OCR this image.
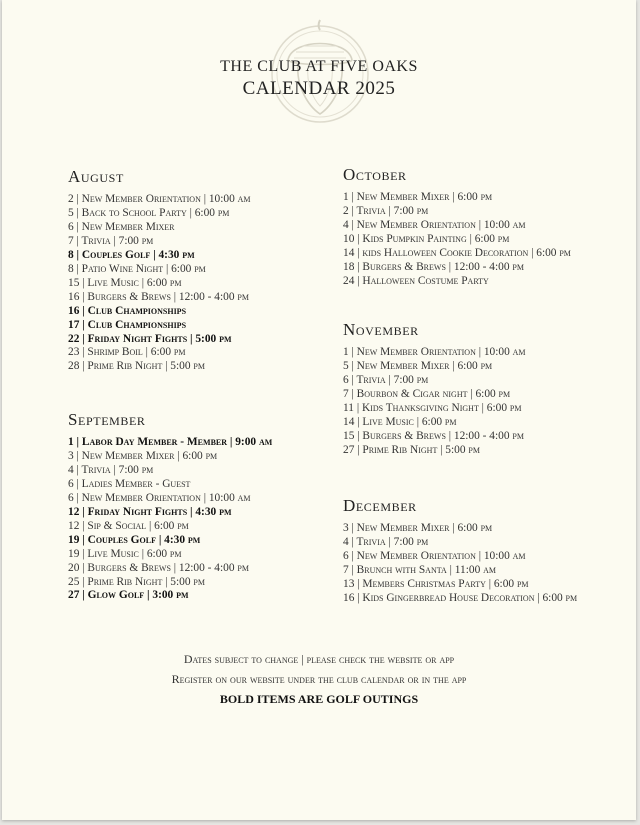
THE CLUB AT FIVE OAKS
CALENDAR 2025
August
2 | New Member Orientation | 10:00 am
5 | Back to School Party | 6:00 pm
6 | New Member Mixer
7 | Trivia | 7:00 pm
8 | Couples Golf | 4:30 pm
8 | Patio Wine Night | 6:00 pm
15 | Live Music | 6:00 pm
16 | Burgers & Brews | 12:00 - 4:00 pm
16 | Club Championships
17 | Club Championships
22 | Friday Night Fights | 5:00 pm
23 | Shrimp Boil | 6:00 pm
28 | Prime Rib Night | 5:00 pm
September
1 | Labor Day Member - Member | 9:00 am
3 | New Member Mixer | 6:00 pm
4 | Trivia | 7:00 pm
6 | Ladies Member - Guest
6 | New Member Orientation | 10:00 am
12 | Friday Night Fights | 4:30 pm
12 | Sip & Social | 6:00 pm
19 | Couples Golf | 4:30 pm
19 | Live Music | 6:00 pm
20 | Burgers & Brews | 12:00 - 4:00 pm
25 | Prime Rib Night | 5:00 pm
27 | Glow Golf | 3:00 pm
October
1 | New Member Mixer | 6:00 pm
2 | Trivia | 7:00 pm
4 | New Member Orientation | 10:00 am
10 | Kids Pumpkin Painting | 6:00 pm
14 | kids Halloween Cookie Decoration | 6:00 pm
18 | Burgers & Brews | 12:00 - 4:00 pm
24 | Halloween Costume Party
November
1 | New Member Orientation | 10:00 am
5 | New Member Mixer | 6:00 pm
6 | Trivia | 7:00 pm
7 | Bourbon & Cigar night | 6:00 pm
11 | Kids Thanksgiving Night | 6:00 pm
14 | Live Music | 6:00 pm
15 | Burgers & Brews | 12:00 - 4:00 pm
27 | Prime Rib Night | 5:00 pm
December
3 | New Member Mixer | 6:00 pm
4 | Trivia | 7:00 pm
6 | New Member Orientation | 10:00 am
7 | Brunch with Santa | 11:00 am
13 | Members Christmas Party | 6:00 pm
16 | Kids Gingerbread House Decoration | 6:00 pm
Dates subject to change | please check the website or app
Register on our website under the club calendar or in the app
BOLD ITEMS ARE GOLF OUTINGS
